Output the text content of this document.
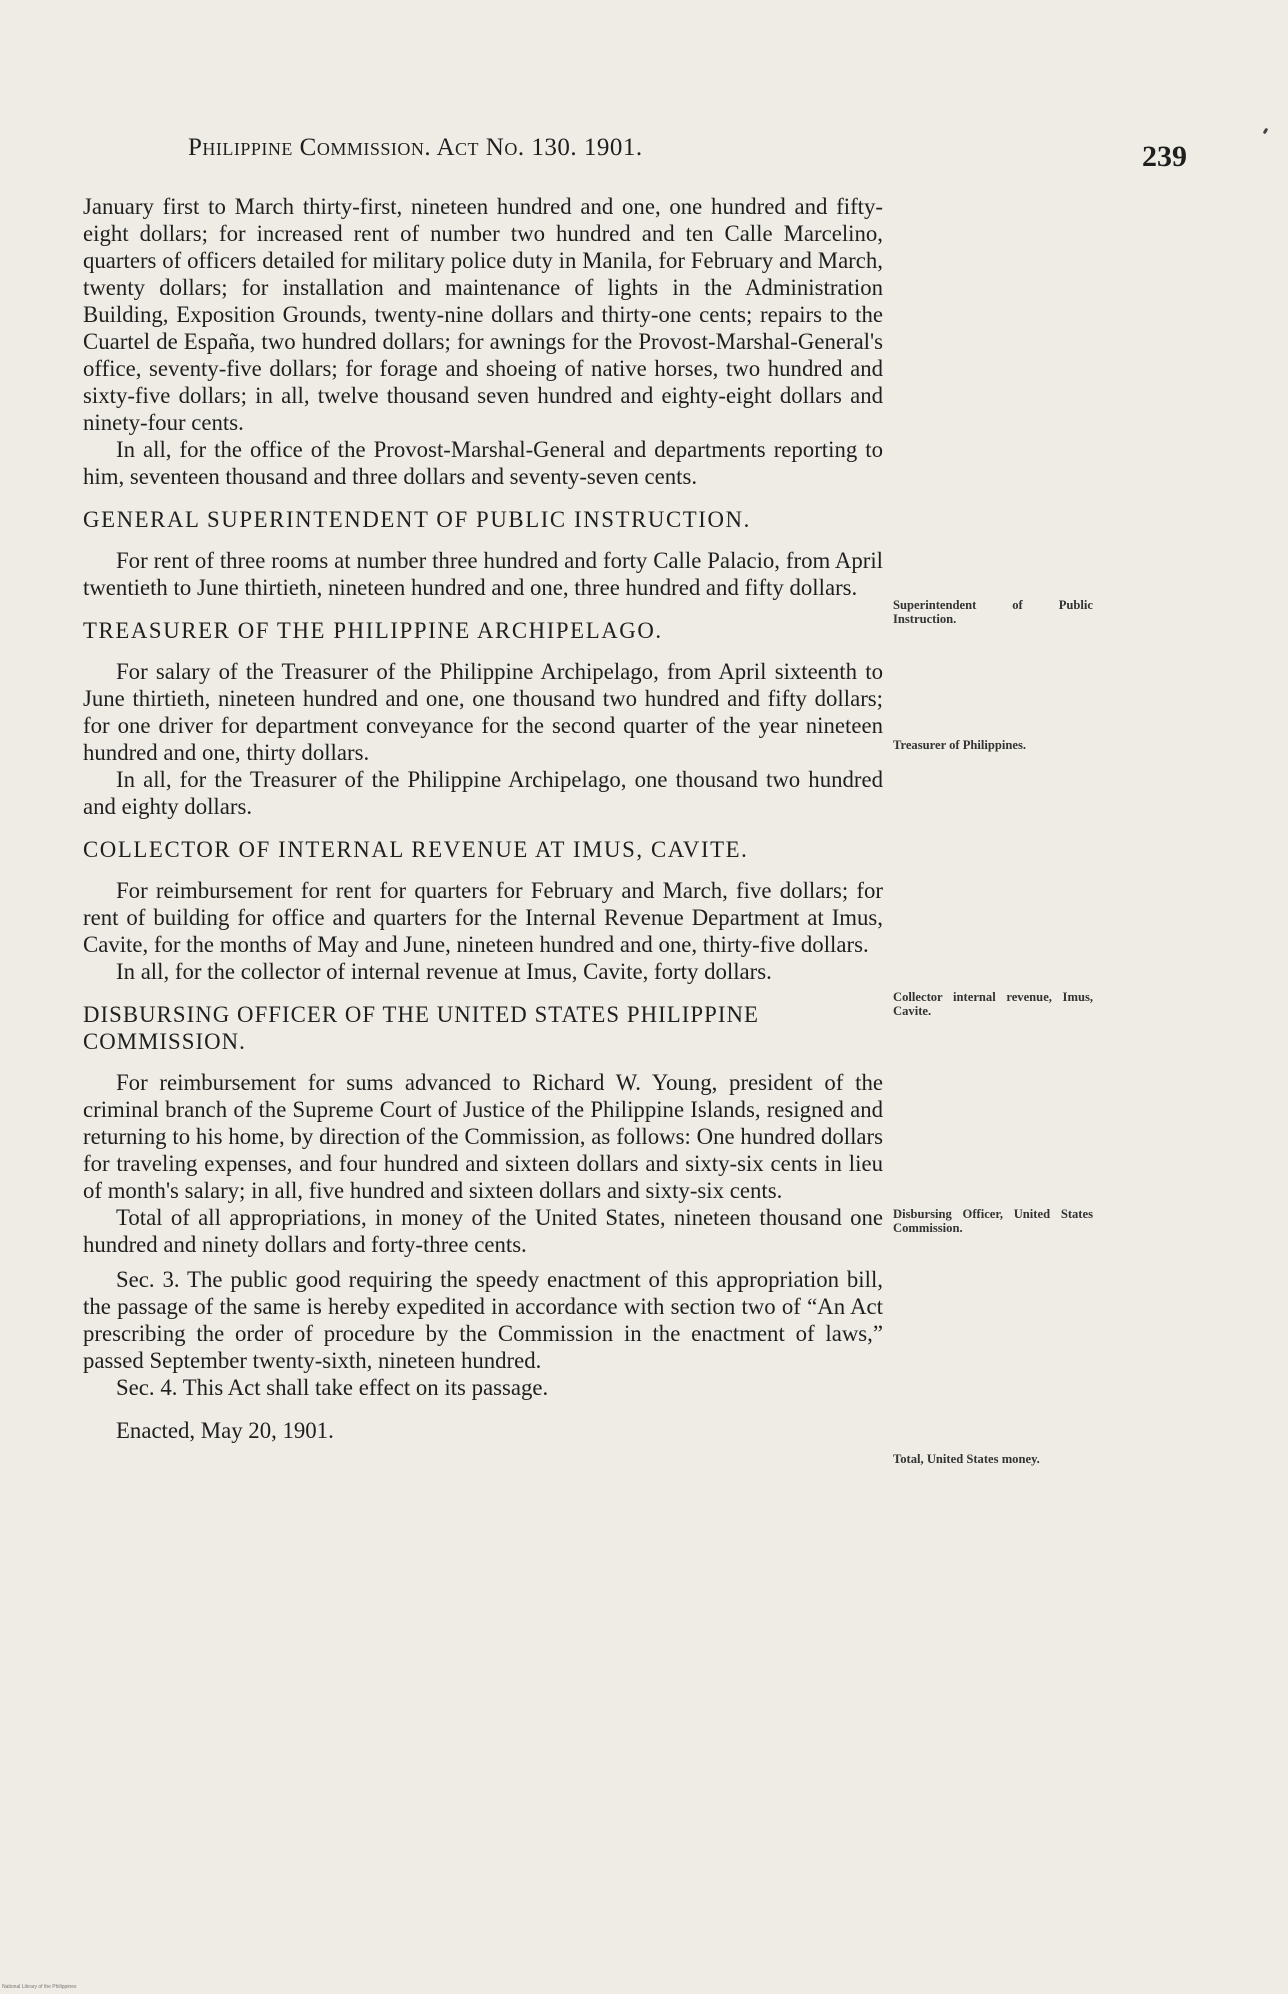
Philippine Commission. Act No. 130. 1901.	239

January first to March thirty-first, nineteen hundred and one, one hundred and fifty-eight dollars; for increased rent of number two hundred and ten Calle Marcelino, quarters of officers detailed for military police duty in Manila, for February and March, twenty dollars; for installation and maintenance of lights in the Administration Building, Exposition Grounds, twenty-nine dollars and thirty-one cents; repairs to the Cuartel de España, two hundred dollars; for awnings for the Provost-Marshal-General's office, seventy-five dollars; for forage and shoeing of native horses, two hundred and sixty-five dollars; in all, twelve thousand seven hundred and eighty-eight dollars and ninety-four cents.

In all, for the office of the Provost-Marshal-General and departments reporting to him, seventeen thousand and three dollars and seventy-seven cents.

GENERAL SUPERINTENDENT OF PUBLIC INSTRUCTION.

For rent of three rooms at number three hundred and forty Calle Palacio, from April twentieth to June thirtieth, nineteen hundred and one, three hundred and fifty dollars.

TREASURER OF THE PHILIPPINE ARCHIPELAGO.

For salary of the Treasurer of the Philippine Archipelago, from April sixteenth to June thirtieth, nineteen hundred and one, one thousand two hundred and fifty dollars; for one driver for department conveyance for the second quarter of the year nineteen hundred and one, thirty dollars.

In all, for the Treasurer of the Philippine Archipelago, one thousand two hundred and eighty dollars.

COLLECTOR OF INTERNAL REVENUE AT IMUS, CAVITE.

For reimbursement for rent for quarters for February and March, five dollars; for rent of building for office and quarters for the Internal Revenue Department at Imus, Cavite, for the months of May and June, nineteen hundred and one, thirty-five dollars.

In all, for the collector of internal revenue at Imus, Cavite, forty dollars.

DISBURSING OFFICER OF THE UNITED STATES PHILIPPINE COMMISSION.

For reimbursement for sums advanced to Richard W. Young, president of the criminal branch of the Supreme Court of Justice of the Philippine Islands, resigned and returning to his home, by direction of the Commission, as follows: One hundred dollars for traveling expenses, and four hundred and sixteen dollars and sixty-six cents in lieu of month's salary; in all, five hundred and sixteen dollars and sixty-six cents.

Total of all appropriations, in money of the United States, nineteen thousand one hundred and ninety dollars and forty-three cents.

Sec. 3. The public good requiring the speedy enactment of this appropriation bill, the passage of the same is hereby expedited in accordance with section two of “An Act prescribing the order of procedure by the Commission in the enactment of laws,” passed September twenty-sixth, nineteen hundred.

Sec. 4. This Act shall take effect on its passage.

Enacted, May 20, 1901.

Superintendent of Public Instruction.
Treasurer of Philippines.
Collector internal revenue, Imus, Cavite.
Disbursing Officer, United States Commission.
Total, United States money.
National Library of the Philippines
